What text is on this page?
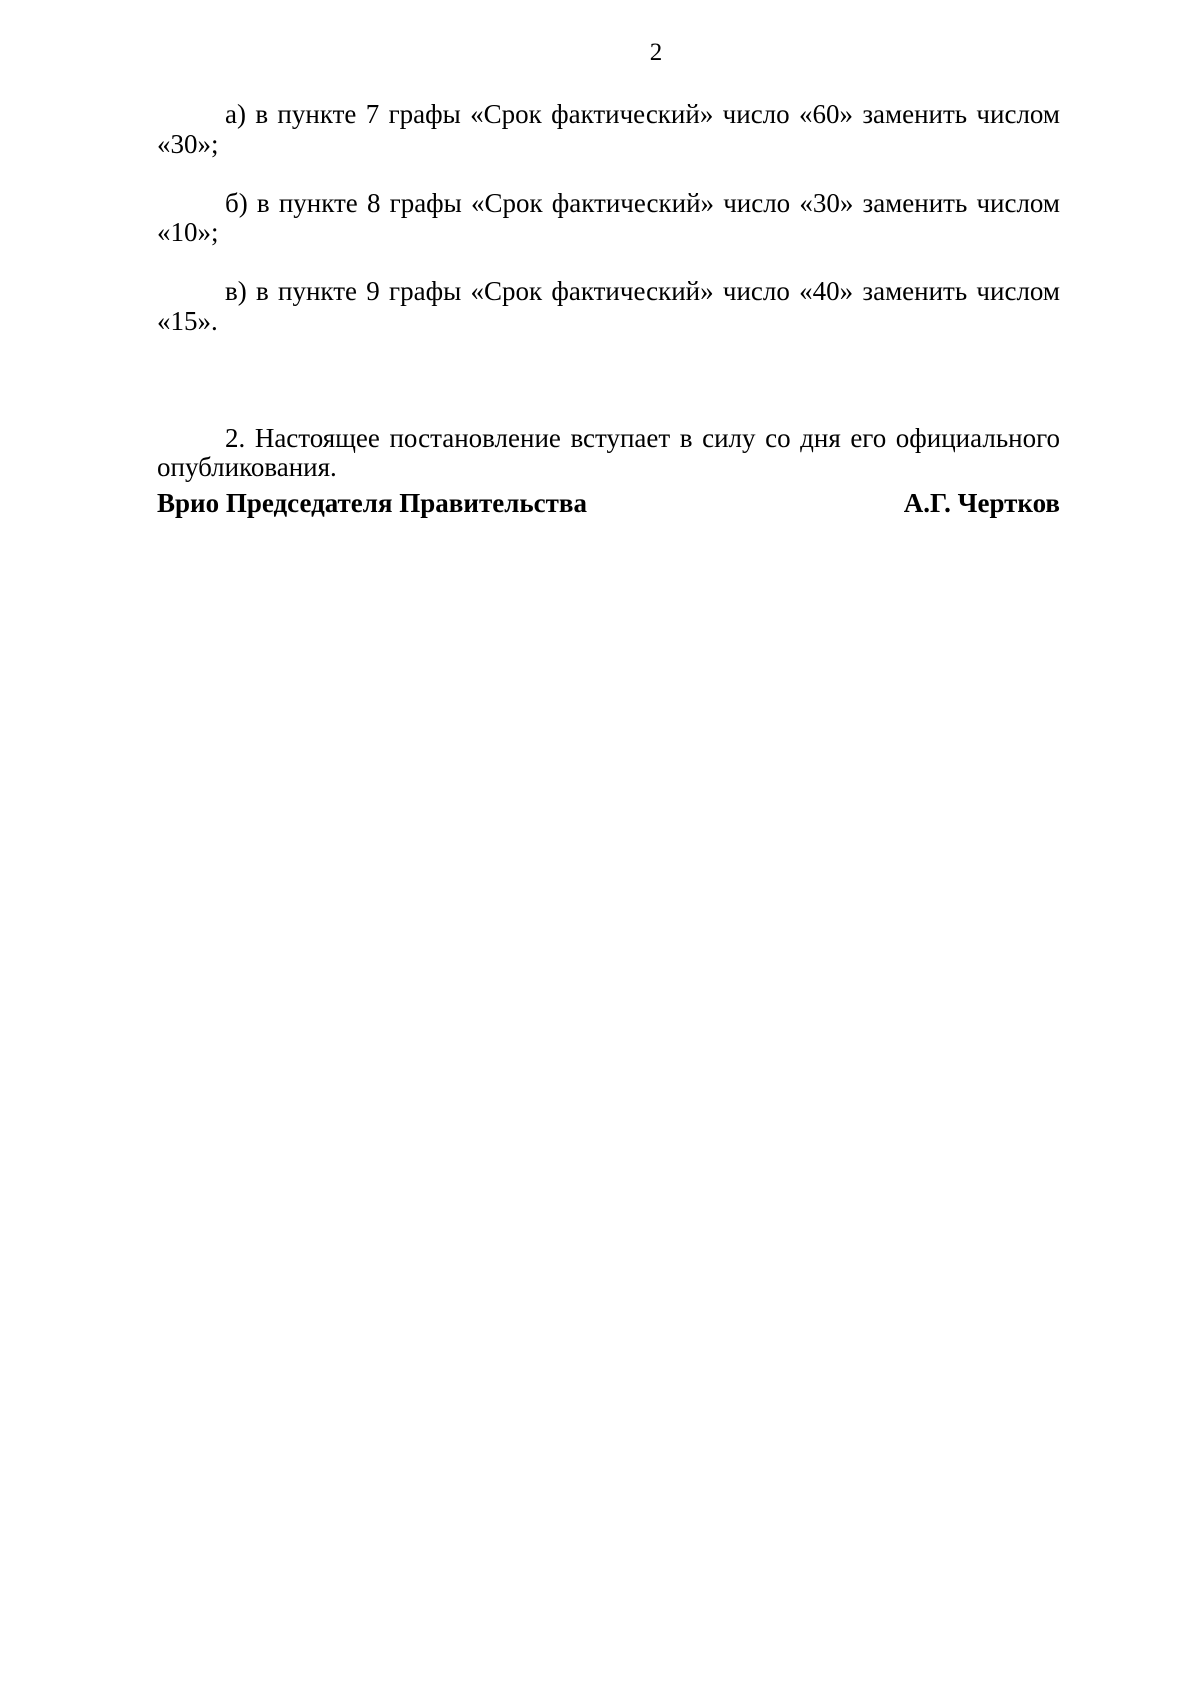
2

а) в пункте 7 графы «Срок фактический» число «60» заменить числом «30»;

б) в пункте 8 графы «Срок фактический» число «30» заменить числом «10»;

в) в пункте 9 графы «Срок фактический» число «40» заменить числом «15».

2. Настоящее постановление вступает в силу со дня его официального опубликования.

Врио Председателя Правительства	А.Г. Чертков
